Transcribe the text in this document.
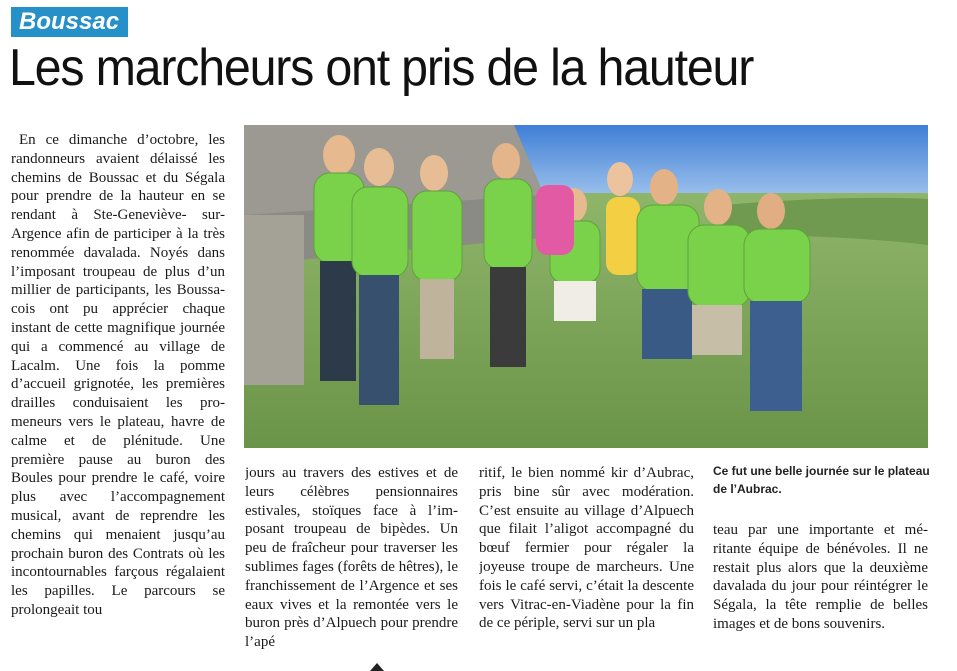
Boussac
Les marcheurs ont pris de la hauteur

En ce dimanche d’octobre, les randonneurs avaient délaissé les chemins de Boussac et du Ségala pour prendre de la hauteur en se rendant à Ste-Geneviève- sur-Argence afin de participer à la très renommée davalada. Noyés dans l’imposant troupeau de plus d’un millier de participants, les Boussacois ont pu apprécier chaque instant de cette magnifique journée qui a commencé au village de Lacalm. Une fois la pomme d’accueil grignotée, les premières drailles conduisaient les promeneurs vers le plateau, havre de calme et de plénitude. Une première pause au buron des Boules pour prendre le café, voire plus avec l’accompagnement musical, avant de reprendre les chemins qui menaient jusqu’au prochain buron des Contrats où les incontournables farçous régalaient les papilles. Le parcours se prolongeait tou

jours au travers des estives et de leurs célèbres pensionnaires estivales, stoïques face à l’imposant troupeau de bipèdes. Un peu de fraîcheur pour traverser les sublimes fages (forêts de hêtres), le franchissement de l’Argence et ses eaux vives et la remontée vers le buron près d’Alpuech pour prendre l’apé

ritif, le bien nommé kir d’Aubrac, pris bine sûr avec modération. C’est ensuite au village d’Alpuech que filait l’aligot accompagné du bœuf fermier pour régaler la joyeuse troupe de marcheurs. Une fois le café servi, c’était la descente vers Vitrac-en-Viadène pour la fin de ce périple, servi sur un pla

Ce fut une belle journée sur le plateau de l’Aubrac.

teau par une importante et méritante équipe de bénévoles. Il ne restait plus alors que la deuxième davalada du jour pour réintégrer le Ségala, la tête remplie de belles images et de bons souvenirs.
